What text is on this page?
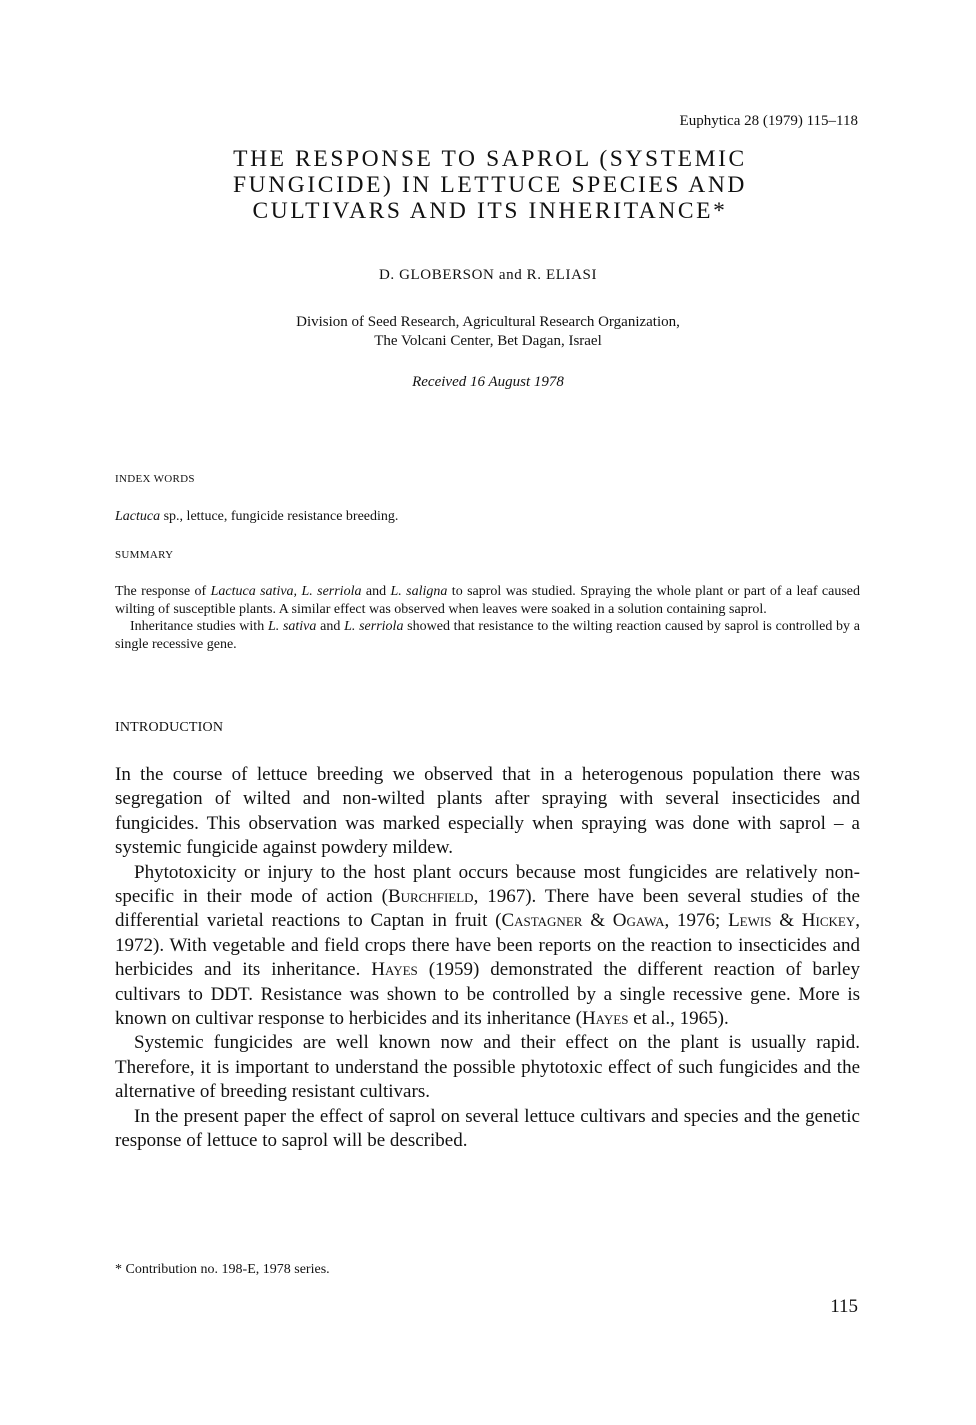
Euphytica 28 (1979) 115–118
THE RESPONSE TO SAPROL (SYSTEMIC
FUNGICIDE) IN LETTUCE SPECIES AND
CULTIVARS AND ITS INHERITANCE*
D. GLOBERSON and R. ELIASI
Division of Seed Research, Agricultural Research Organization,
The Volcani Center, Bet Dagan, Israel
Received 16 August 1978
INDEX WORDS
Lactuca sp., lettuce, fungicide resistance breeding.
SUMMARY

The response of Lactuca sativa, L. serriola and L. saligna to saprol was studied. Spraying the whole plant or part of a leaf caused wilting of susceptible plants. A similar effect was observed when leaves were soaked in a solution containing saprol.

Inheritance studies with L. sativa and L. serriola showed that resistance to the wilting reaction caused by saprol is controlled by a single recessive gene.

INTRODUCTION

In the course of lettuce breeding we observed that in a heterogenous population there was segregation of wilted and non-wilted plants after spraying with several insecticides and fungicides. This observation was marked especially when spraying was done with saprol – a systemic fungicide against powdery mildew.

Phytotoxicity or injury to the host plant occurs because most fungicides are relatively non-specific in their mode of action (Burchfield, 1967). There have been several studies of the differential varietal reactions to Captan in fruit (Castagner & Ogawa, 1976; Lewis & Hickey, 1972). With vegetable and field crops there have been reports on the reaction to insecticides and herbicides and its inheritance. Hayes (1959) demonstrated the different reaction of barley cultivars to DDT. Resistance was shown to be controlled by a single recessive gene. More is known on cultivar response to herbicides and its inheritance (Hayes et al., 1965).

Systemic fungicides are well known now and their effect on the plant is usually rapid. Therefore, it is important to understand the possible phytotoxic effect of such fungicides and the alternative of breeding resistant cultivars.

In the present paper the effect of saprol on several lettuce cultivars and species and the genetic response of lettuce to saprol will be described.

* Contribution no. 198-E, 1978 series.
115
